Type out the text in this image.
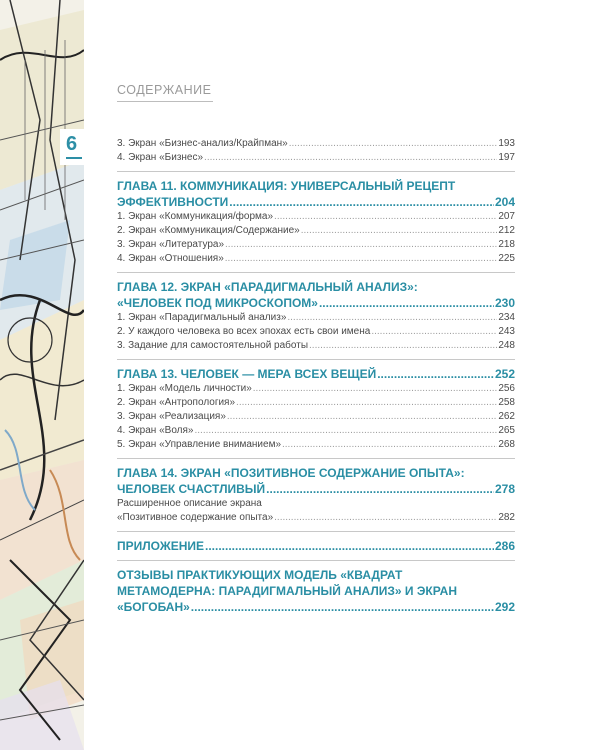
6
СОДЕРЖАНИЕ
3. Экран «Бизнес-анализ/Крайпман» .....	193
4. Экран «Бизнес» .....	197
ГЛАВА 11. КОММУНИКАЦИЯ: УНИВЕРСАЛЬНЫЙ РЕЦЕПТ
ЭФФЕКТИВНОСТИ .....	204
1. Экран «Коммуникация/форма» .....	207
2. Экран «Коммуникация/Содержание» .....	212
3. Экран «Литература» .....	218
4. Экран «Отношения» .....	225
ГЛАВА 12. ЭКРАН «ПАРАДИГМАЛЬНЫЙ АНАЛИЗ»:
«ЧЕЛОВЕК ПОД МИКРОСКОПОМ» .....	230
1. Экран «Парадигмальный анализ» .....	234
2. У каждого человека во всех эпохах есть свои имена .....	243
3. Задание для самостоятельной работы .....	248
ГЛАВА 13. ЧЕЛОВЕК — МЕРА ВСЕХ ВЕЩЕЙ .....	252
1. Экран «Модель личности» .....	256
2. Экран «Антропология» .....	258
3. Экран «Реализация» .....	262
4. Экран «Воля» .....	265
5. Экран «Управление вниманием» .....	268
ГЛАВА 14. ЭКРАН «ПОЗИТИВНОЕ СОДЕРЖАНИЕ ОПЫТА»:
ЧЕЛОВЕК СЧАСТЛИВЫЙ .....	278
Расширенное описание экрана
«Позитивное содержание опыта» .....	282
ПРИЛОЖЕНИЕ .....	286
ОТЗЫВЫ ПРАКТИКУЮЩИХ МОДЕЛЬ «КВАДРАТ
МЕТАМОДЕРНА: ПАРАДИГМАЛЬНЫЙ АНАЛИЗ» И ЭКРАН
«БОГОБАН» .....	292
